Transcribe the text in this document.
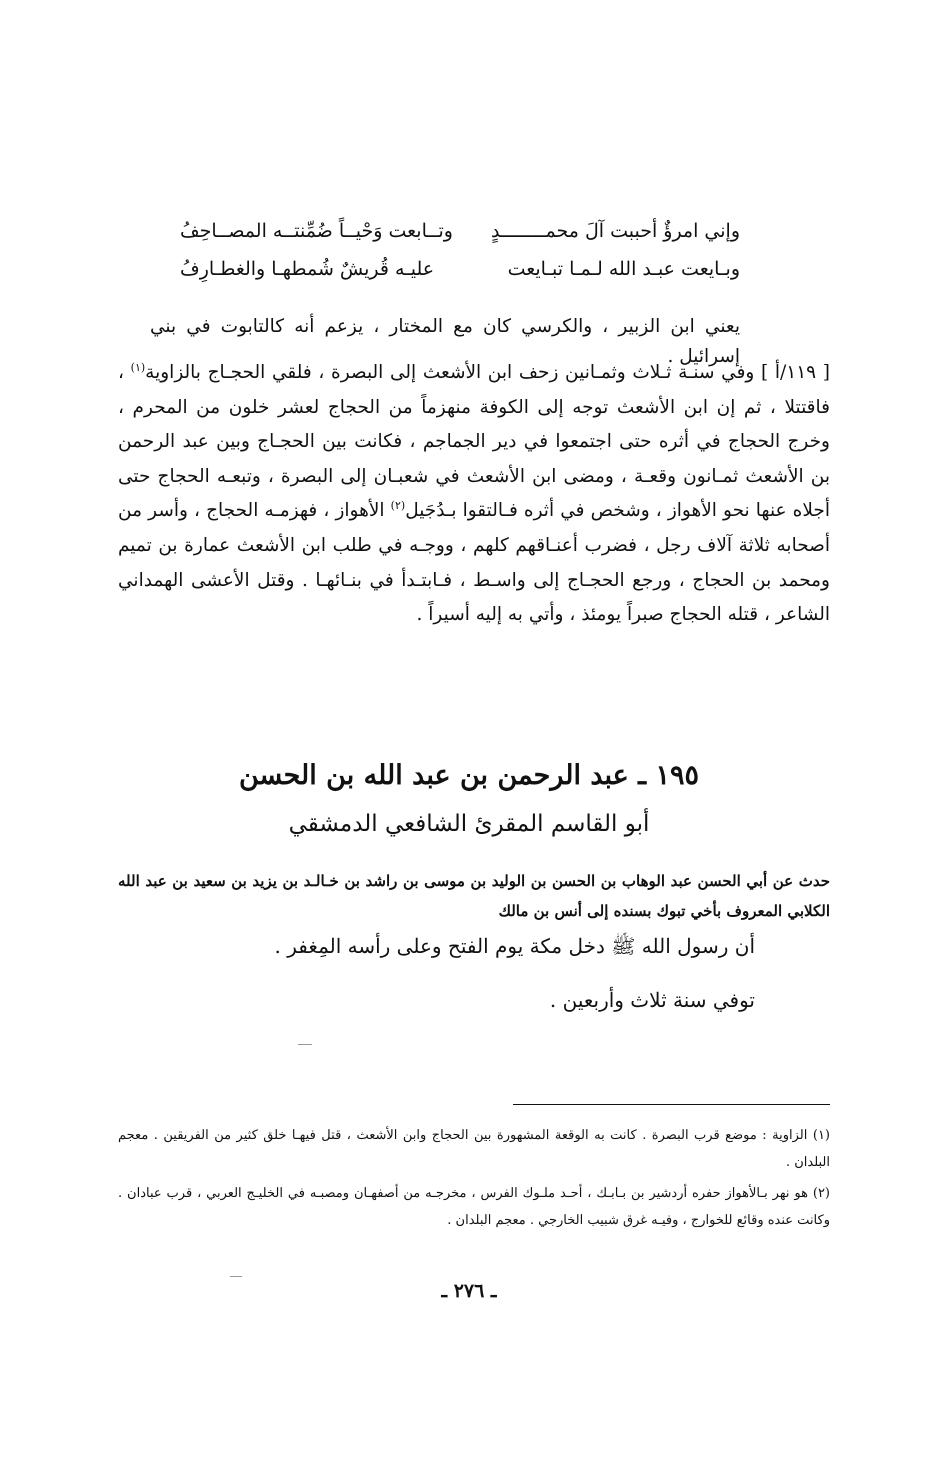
وإني امرؤٌ أحببت آلَ محمــــــــدٍ
وتــابعت وَحْيــاً ضُمِّنتــه المصــاحِفُ
وبـايعت عبـد الله لـمـا تبـايعت
عليـه قُريشٌ شُمطهـا والغطـارِفُ
يعني ابن الزبير ، والكرسي كان مع المختار ، يزعم أنه كالتابوت في بني إسرائيل .
[ ١١٩/أ ] وفي سنـة ثـلاث وثمـانين زحف ابن الأشعث إلى البصرة ، فلقي الحجـاج بالزاوية$^{(١)}$ ، فاقتتلا ، ثم إن ابن الأشعث توجه إلى الكوفة منهزماً من الحجاج لعشر خلون من المحرم ، وخرج الحجاج في أثره حتى اجتمعوا في دير الجماجم ، فكانت بين الحجـاج وبين عبد الرحمن بن الأشعث ثمـانون وقعـة ، ومضى ابن الأشعث في شعبـان إلى البصرة ، وتبعـه الحجاج حتى أجلاه عنها نحو الأهواز ، وشخص في أثره فـالتقوا بـدُجَيل$^{(٢)}$ الأهواز ، فهزمـه الحجاج ، وأسر من أصحابه ثلاثة آلاف رجل ، فضرب أعنـاقهم كلهم ، ووجـه في طلب ابن الأشعث عمارة بن تميم ومحمد بن الحجاج ، ورجع الحجـاج إلى واسـط ، فـابتـدأ في بنـائهـا . وقتل الأعشى الهمداني الشاعر ، قتله الحجاج صبراً يومئذ ، وأتي به إليه أسيراً .
١٩٥ ـ عبد الرحمن بن عبد الله بن الحسن
أبو القاسم المقرئ الشافعي الدمشقي
حدث عن أبي الحسن عبد الوهاب بن الحسن بن الوليد بن موسى بن راشد بن خـالـد بن يزيد بن سعيد بن عبد الله الكلابي المعروف بأخي تبوك بسنده إلى أنس بن مالك
أن رسول الله ﷺ دخل مكة يوم الفتح وعلى رأسه المِغفر .
توفي سنة ثلاث وأربعين .
(١) الزاوية : موضع قرب البصرة . كانت به الوقعة المشهورة بين الحجاج وابن الأشعث ، قتل فيهـا خلق كثير من الفريقين . معجم البلدان .
(٢) هو نهر بـالأهواز حفره أردشير بن بـابـك ، أحـد ملـوك الفرس ، مخرجـه من أصفهـان ومصبـه في الخليـج العربي ، قرب عبادان . وكانت عنده وقائع للخوارج ، وفيـه غرق شبيب الخارجي . معجم البلدان .
ـ ٢٧٦ ـ
